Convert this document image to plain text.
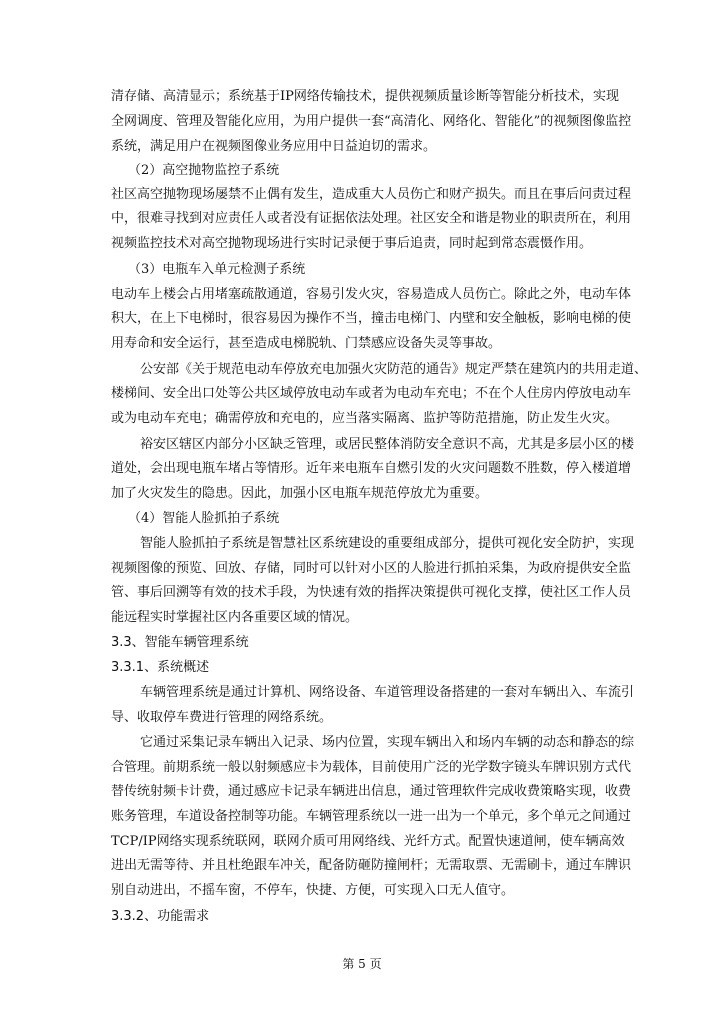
清存储、高清显示；系统基于IP网络传输技术，提供视频质量诊断等智能分析技术，实现
全网调度、管理及智能化应用，为用户提供一套“高清化、网络化、智能化”的视频图像监控
系统，满足用户在视频图像业务应用中日益迫切的需求。
（2）高空抛物监控子系统
社区高空抛物现场屡禁不止偶有发生，造成重大人员伤亡和财产损失。而且在事后问责过程
中，很难寻找到对应责任人或者没有证据依法处理。社区安全和谐是物业的职责所在，利用
视频监控技术对高空抛物现场进行实时记录便于事后追责，同时起到常态震慑作用。
（3）电瓶车入单元检测子系统
电动车上楼会占用堵塞疏散通道，容易引发火灾，容易造成人员伤亡。除此之外，电动车体
积大，在上下电梯时，很容易因为操作不当，撞击电梯门、内壁和安全触板，影响电梯的使
用寿命和安全运行，甚至造成电梯脱轨、门禁感应设备失灵等事故。
公安部《关于规范电动车停放充电加强火灾防范的通告》规定严禁在建筑内的共用走道、
楼梯间、安全出口处等公共区域停放电动车或者为电动车充电；不在个人住房内停放电动车
或为电动车充电；确需停放和充电的，应当落实隔离、监护等防范措施，防止发生火灾。
裕安区辖区内部分小区缺乏管理，或居民整体消防安全意识不高，尤其是多层小区的楼
道处，会出现电瓶车堵占等情形。近年来电瓶车自燃引发的火灾问题数不胜数，停入楼道增
加了火灾发生的隐患。因此，加强小区电瓶车规范停放尤为重要。
（4）智能人脸抓拍子系统
智能人脸抓拍子系统是智慧社区系统建设的重要组成部分，提供可视化安全防护，实现
视频图像的预览、回放、存储，同时可以针对小区的人脸进行抓拍采集，为政府提供安全监
管、事后回溯等有效的技术手段，为快速有效的指挥决策提供可视化支撑，使社区工作人员
能远程实时掌握社区内各重要区域的情况。
3.3、智能车辆管理系统
3.3.1、系统概述
车辆管理系统是通过计算机、网络设备、车道管理设备搭建的一套对车辆出入、车流引
导、收取停车费进行管理的网络系统。
它通过采集记录车辆出入记录、场内位置，实现车辆出入和场内车辆的动态和静态的综
合管理。前期系统一般以射频感应卡为载体，目前使用广泛的光学数字镜头车牌识别方式代
替传统射频卡计费，通过感应卡记录车辆进出信息，通过管理软件完成收费策略实现，收费
账务管理，车道设备控制等功能。车辆管理系统以一进一出为一个单元，多个单元之间通过
TCP/IP网络实现系统联网，联网介质可用网络线、光纤方式。配置快速道闸，使车辆高效
进出无需等待、并且杜绝跟车冲关，配备防砸防撞闸杆；无需取票、无需刷卡，通过车牌识
别自动进出，不摇车窗，不停车，快捷、方便，可实现入口无人值守。
3.3.2、功能需求
第 5 页
